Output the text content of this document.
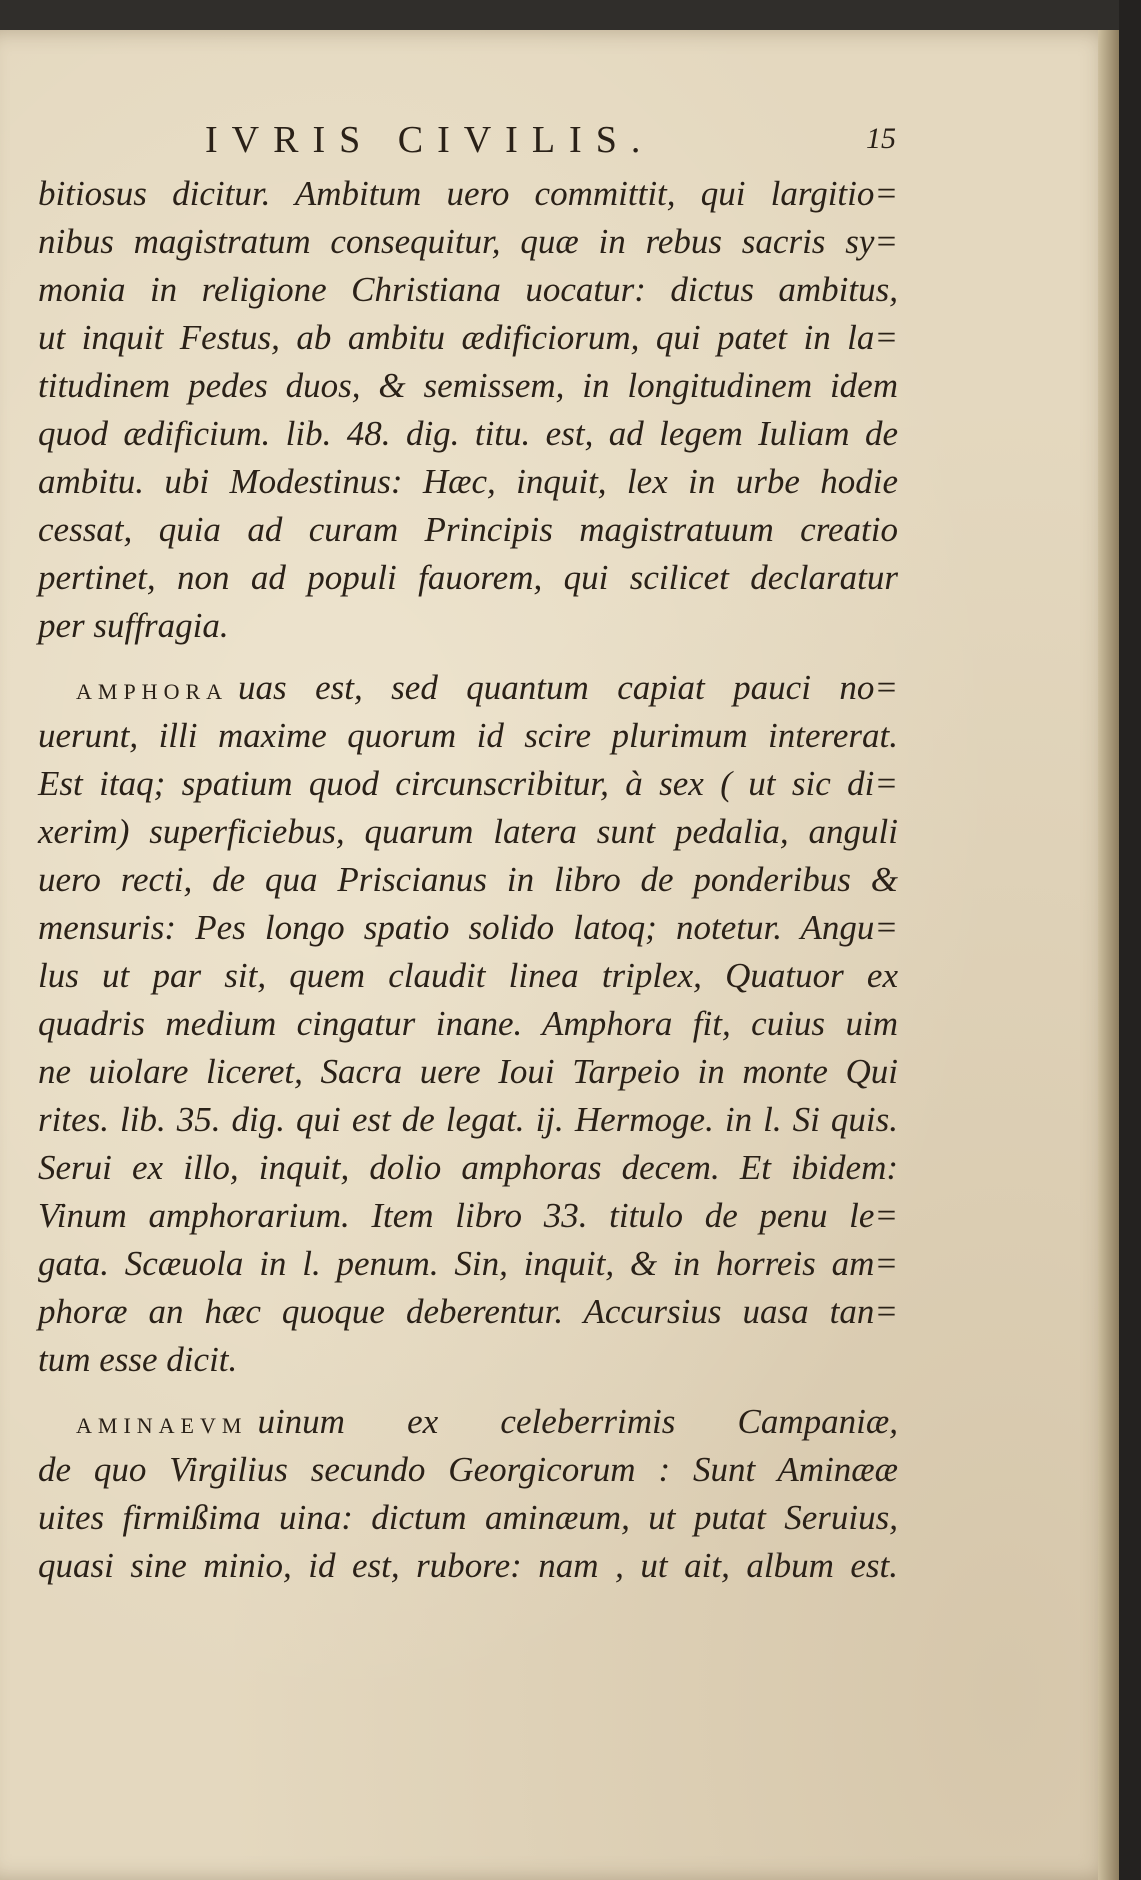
IVRIS CIVILIS.	15
bitiosus dicitur. Ambitum uero committit, qui largitio=
nibus magistratum consequitur, quæ in rebus sacris sy=
monia in religione Christiana uocatur: dictus ambitus,
ut inquit Festus, ab ambitu ædificiorum, qui patet in la=
titudinem pedes duos, & semissem, in longitudinem idem
quod ædificium. lib. 48. dig. titu. est, ad legem Iuliam de
ambitu. ubi Modestinus: Hæc, inquit, lex in urbe hodie
cessat, quia ad curam Principis magistratuum creatio
pertinet, non ad populi fauorem, qui scilicet declaratur
per suffragia.
AMPHORA uas est, sed quantum capiat pauci no=
uerunt, illi maxime quorum id scire plurimum intererat.
Est itaq; spatium quod circunscribitur, à sex ( ut sic di=
xerim) superficiebus, quarum latera sunt pedalia, anguli
uero recti, de qua Priscianus in libro de ponderibus &
mensuris: Pes longo spatio solido latoq; notetur. Angu=
lus ut par sit, quem claudit linea triplex, Quatuor ex
quadris medium cingatur inane. Amphora fit, cuius uim
ne uiolare liceret, Sacra uere Ioui Tarpeio in monte Qui
rites. lib. 35. dig. qui est de legat. ij. Hermoge. in l. Si quis.
Serui ex illo, inquit, dolio amphoras decem. Et ibidem:
Vinum amphorarium. Item libro 33. titulo de penu le=
gata. Scæuola in l. penum. Sin, inquit, & in horreis am=
phoræ an hæc quoque deberentur. Accursius uasa tan=
tum esse dicit.
AMINAEVM uinum ex celeberrimis Campaniæ,
de quo Virgilius secundo Georgicorum : Sunt Aminææ
uites firmißima uina: dictum aminæum, ut putat Seruius,
quasi sine minio, id est, rubore: nam , ut ait, album est.
